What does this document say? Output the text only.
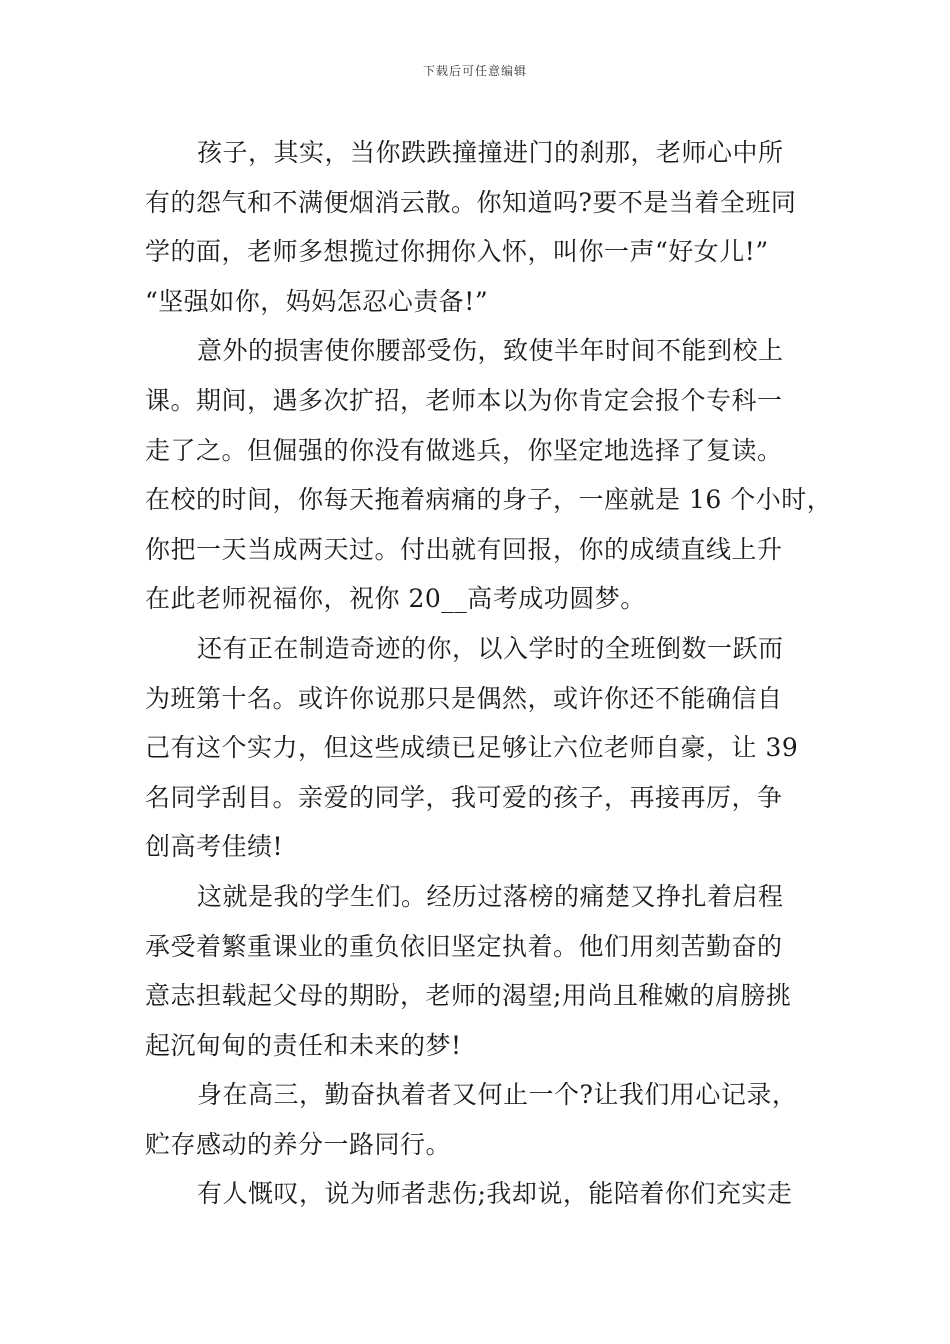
下载后可任意编辑
孩子，其实，当你跌跌撞撞进门的刹那，老师心中所
有的怨气和不满便烟消云散。你知道吗?要不是当着全班同
学的面，老师多想揽过你拥你入怀，叫你一声“好女儿!”
“坚强如你，妈妈怎忍心责备!”
意外的损害使你腰部受伤，致使半年时间不能到校上
课。期间，遇多次扩招，老师本以为你肯定会报个专科一
走了之。但倔强的你没有做逃兵，你坚定地选择了复读。
在校的时间，你每天拖着病痛的身子，一座就是 16 个小时，
你把一天当成两天过。付出就有回报，你的成绩直线上升
在此老师祝福你，祝你 20__高考成功圆梦。
还有正在制造奇迹的你，以入学时的全班倒数一跃而
为班第十名。或许你说那只是偶然，或许你还不能确信自
己有这个实力，但这些成绩已足够让六位老师自豪，让 39
名同学刮目。亲爱的同学，我可爱的孩子，再接再厉，争
创高考佳绩!
这就是我的学生们。经历过落榜的痛楚又挣扎着启程
承受着繁重课业的重负依旧坚定执着。他们用刻苦勤奋的
意志担载起父母的期盼，老师的渴望;用尚且稚嫩的肩膀挑
起沉甸甸的责任和未来的梦!
身在高三，勤奋执着者又何止一个?让我们用心记录，
贮存感动的养分一路同行。
有人慨叹，说为师者悲伤;我却说，能陪着你们充实走
